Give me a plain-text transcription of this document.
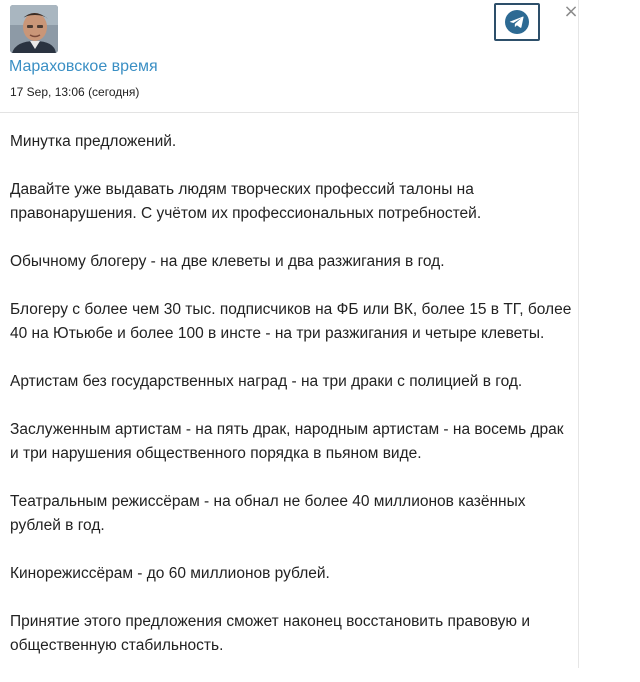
Мараховское время
17 Sep, 13:06 (сегодня)

Минутка предложений.

Давайте уже выдавать людям творческих профессий талоны на правонарушения. С учётом их профессиональных потребностей.

Обычному блогеру - на две клеветы и два разжигания в год.

Блогеру с более чем 30 тыс. подписчиков на ФБ или ВК, более 15 в ТГ, более 40 на Ютьюбе и более 100 в инсте - на три разжигания и четыре клеветы.

Артистам без государственных наград - на три драки с полицией в год.

Заслуженным артистам - на пять драк, народным артистам - на восемь драк и три нарушения общественного порядка в пьяном виде.

Театральным режиссёрам - на обнал не более 40 миллионов казённых рублей в год.

Кинорежиссёрам - до 60 миллионов рублей.

Принятие этого предложения сможет наконец восстановить правовую и общественную стабильность.

×
